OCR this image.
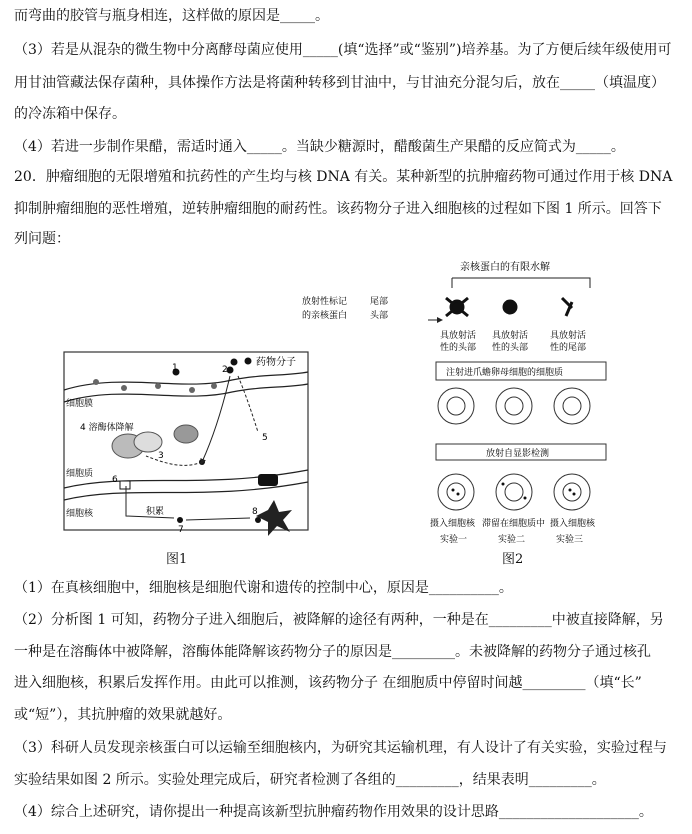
而弯曲的胶管与瓶身相连，这样做的原因是_____。
（3）若是从混杂的微生物中分离酵母菌应使用_____(填“选择”或“鉴别”)培养基。为了方便后续年级使用可
用甘油管藏法保存菌种，具体操作方法是将菌种转移到甘油中，与甘油充分混匀后，放在_____（填温度）
的冷冻箱中保存。
（4）若进一步制作果醋，需适时通入_____。当缺少糖源时，醋酸菌生产果醋的反应简式为_____。
20．肿瘤细胞的无限增殖和抗药性的产生均与核 DNA 有关。某种新型的抗肿瘤药物可通过作用于核 DNA
抑制肿瘤细胞的恶性增殖，逆转肿瘤细胞的耐药性。该药物分子进入细胞核的过程如下图 1 所示。回答下
列问题：
（1）在真核细胞中，细胞核是细胞代谢和遗传的控制中心，原因是__________。
（2）分析图 1 可知，药物分子进入细胞后，被降解的途径有两种，一种是在_________中被直接降解，另
一种是在溶酶体中被降解，溶酶体能降解该药物分子的原因是_________。未被降解的药物分子通过核孔
进入细胞核，积累后发挥作用。由此可以推测，该药物分子 在细胞质中停留时间越_________（填“长”
或“短”），其抗肿瘤的效果就越好。
（3）科研人员发现亲核蛋白可以运输至细胞核内，为研究其运输机理，有人设计了有关实验，实验过程与
实验结果如图 2 所示。实验处理完成后，研究者检测了各组的_________，结果表明_________。
（4）综合上述研究，请你提出一种提高该新型抗肿瘤药物作用效果的设计思路____________________。
药物分子
细胞膜
细胞质
细胞核
4 溶酶体降解
积累
1	2
3
5
6
7
8
图1
亲核蛋白的有限水解
放射性标记
的亲核蛋白
尾部
头部
具放射活
性的头部
具放射活
性的头部
具放射活
性的尾部
注射进爪蟾卵母细胞的细胞质
放射自显影检测
摄入细胞核 滞留在细胞质中 摄入细胞核
实验一	实验二	实验三
图2
